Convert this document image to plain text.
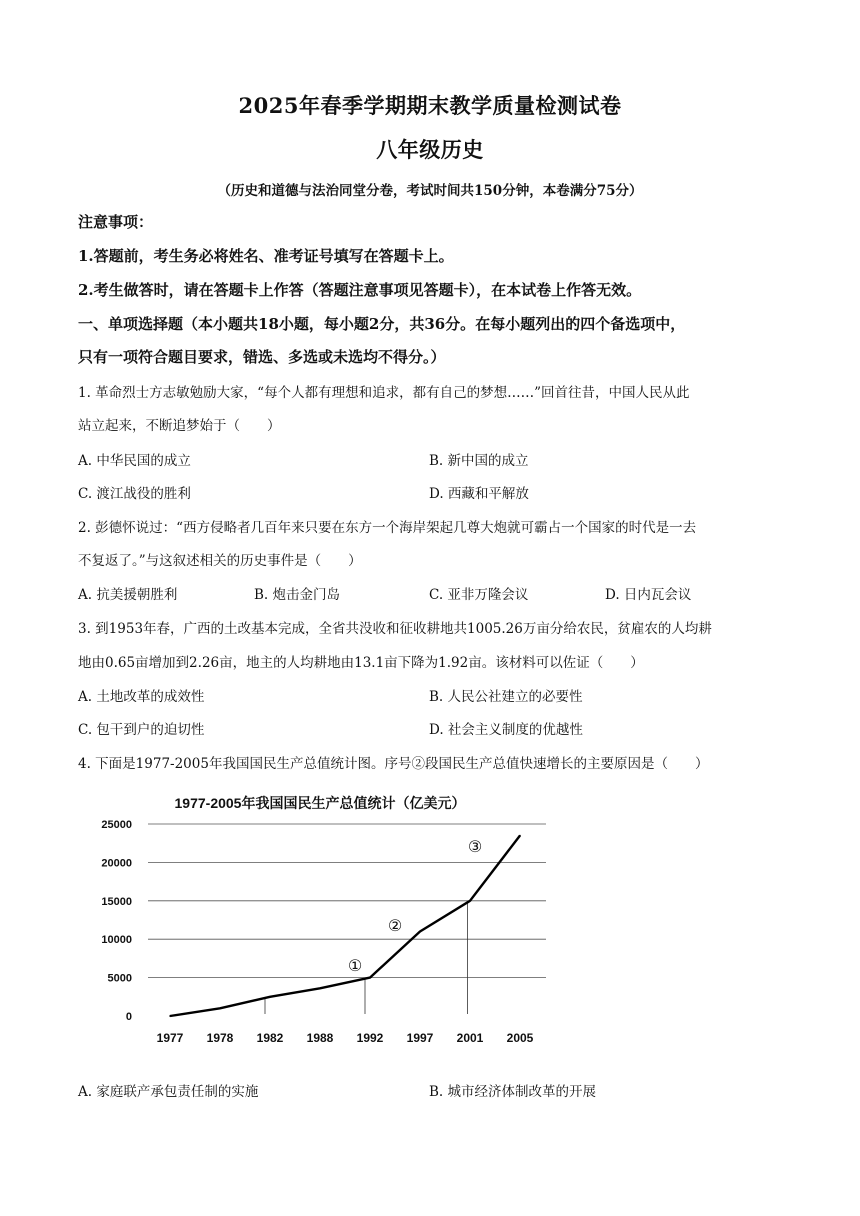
2025年春季学期期末教学质量检测试卷
八年级历史
（历史和道德与法治同堂分卷，考试时间共150分钟，本卷满分75分）
注意事项：
1.答题前，考生务必将姓名、准考证号填写在答题卡上。
2.考生做答时，请在答题卡上作答（答题注意事项见答题卡），在本试卷上作答无效。
一、单项选择题（本小题共18小题，每小题2分，共36分。在每小题列出的四个备选项中，
只有一项符合题目要求，错选、多选或未选均不得分。）
1. 革命烈士方志敏勉励大家，“每个人都有理想和追求，都有自己的梦想……”回首往昔，中国人民从此
站立起来，不断追梦始于（　　）
A. 中华民国的成立	B. 新中国的成立
C. 渡江战役的胜利	D. 西藏和平解放
2. 彭德怀说过：“西方侵略者几百年来只要在东方一个海岸架起几尊大炮就可霸占一个国家的时代是一去
不复返了。”与这叙述相关的历史事件是（　　）
A. 抗美援朝胜利	B. 炮击金门岛	C. 亚非万隆会议	D. 日内瓦会议
3. 到1953年春，广西的土改基本完成，全省共没收和征收耕地共1005.26万亩分给农民，贫雇农的人均耕
地由0.65亩增加到2.26亩，地主的人均耕地由13.1亩下降为1.92亩。该材料可以佐证（　　）
A. 土地改革的成效性	B. 人民公社建立的必要性
C. 包干到户的迫切性	D. 社会主义制度的优越性
4. 下面是1977-2005年我国国民生产总值统计图。序号②段国民生产总值快速增长的主要原因是（　　）
1977-2005年我国国民生产总值统计（亿美元）
0
5000
10000
15000
20000
25000
1977 1978 1982 1988 1992 1997 2001 2005
①
②
③
A. 家庭联产承包责任制的实施	B. 城市经济体制改革的开展
